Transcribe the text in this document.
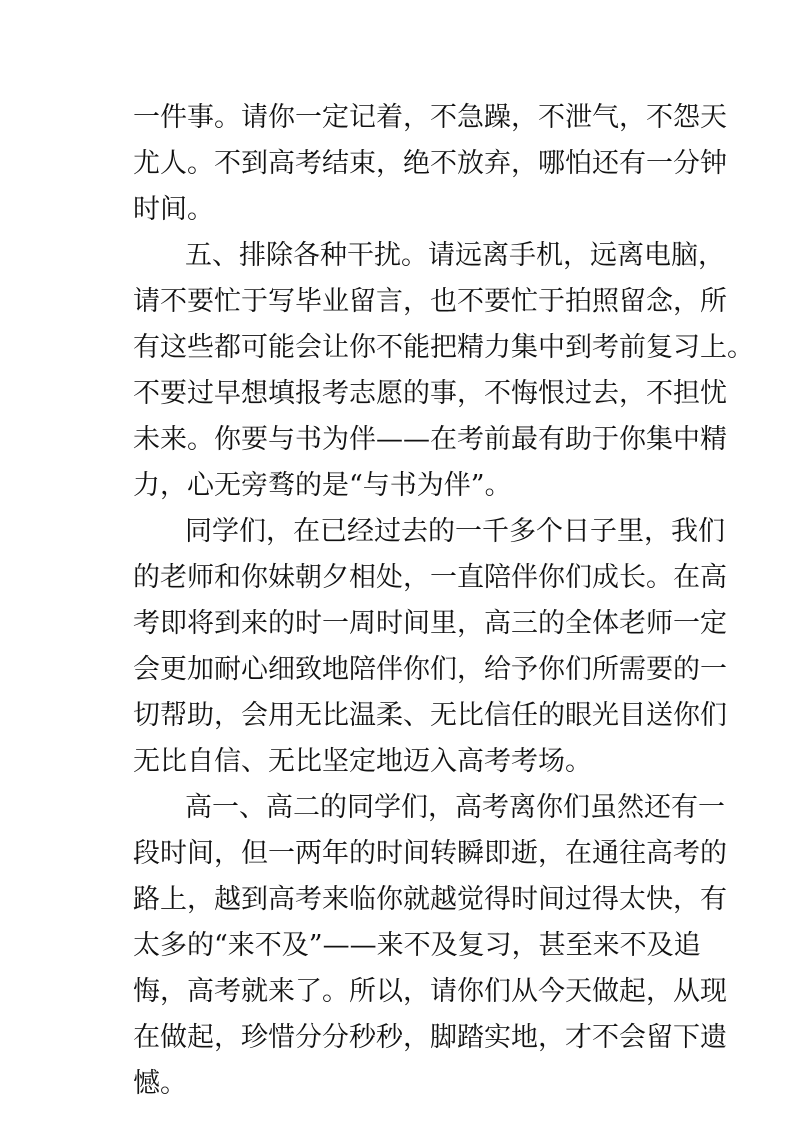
一件事。请你一定记着，不急躁，不泄气，不怨天
尤人。不到高考结束，绝不放弃，哪怕还有一分钟
时间。
五、排除各种干扰。请远离手机，远离电脑，
请不要忙于写毕业留言，也不要忙于拍照留念，所
有这些都可能会让你不能把精力集中到考前复习上。
不要过早想填报考志愿的事，不悔恨过去，不担忧
未来。你要与书为伴——在考前最有助于你集中精
力，心无旁骛的是“与书为伴”。
同学们，在已经过去的一千多个日子里，我们
的老师和你妹朝夕相处，一直陪伴你们成长。在高
考即将到来的时一周时间里，高三的全体老师一定
会更加耐心细致地陪伴你们，给予你们所需要的一
切帮助，会用无比温柔、无比信任的眼光目送你们
无比自信、无比坚定地迈入高考考场。
高一、高二的同学们，高考离你们虽然还有一
段时间，但一两年的时间转瞬即逝，在通往高考的
路上，越到高考来临你就越觉得时间过得太快，有
太多的“来不及”——来不及复习，甚至来不及追
悔，高考就来了。所以，请你们从今天做起，从现
在做起，珍惜分分秒秒，脚踏实地，才不会留下遗
憾。
